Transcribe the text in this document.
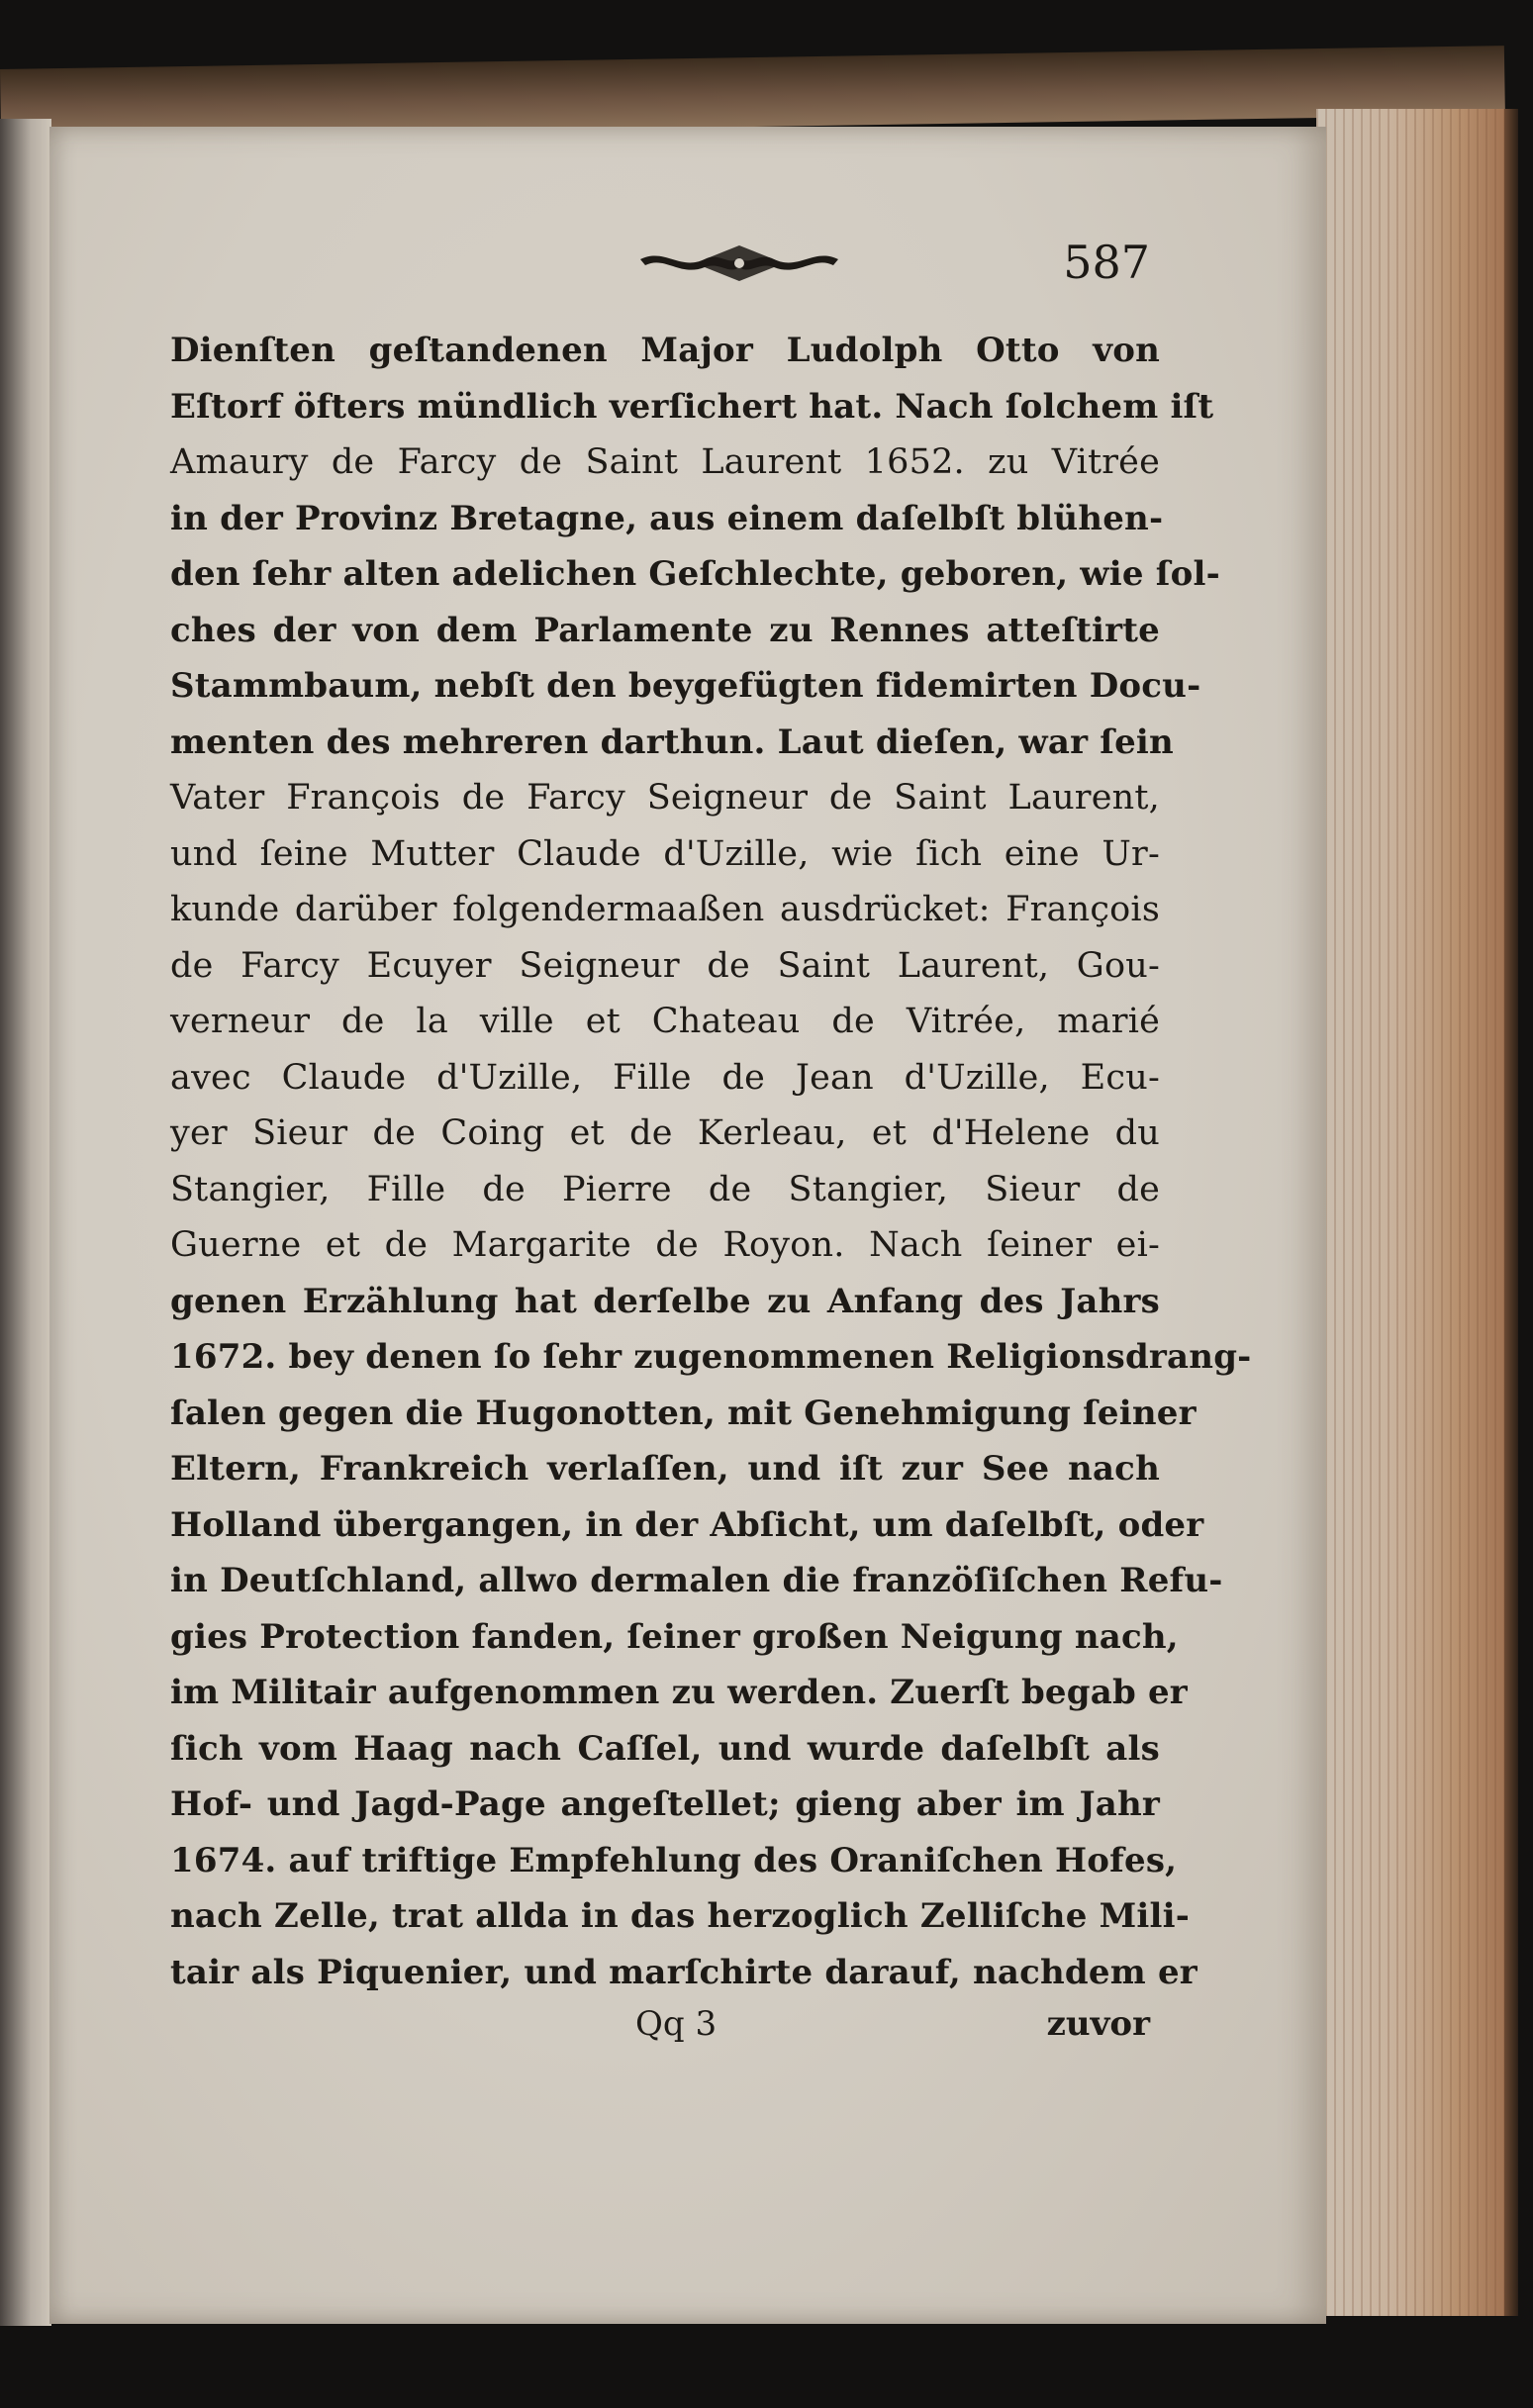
587
Dienſten geſtandenen Major Ludolph Otto von
Eſtorf öfters mündlich verſichert hat. Nach ſolchem iſt
Amaury de Farcy de Saint Laurent 1652. zu Vitrée
in der Provinz Bretagne, aus einem daſelbſt blühen-
den ſehr alten adelichen Geſchlechte, geboren, wie ſol-
ches der von dem Parlamente zu Rennes atteſtirte
Stammbaum, nebſt den beygefügten fidemirten Docu-
menten des mehreren darthun. Laut dieſen, war ſein
Vater François de Farcy Seigneur de Saint Laurent,
und ſeine Mutter Claude d'Uzille, wie ſich eine Ur-
kunde darüber folgendermaaßen ausdrücket: François
de Farcy Ecuyer Seigneur de Saint Laurent, Gou-
verneur de la ville et Chateau de Vitrée, marié
avec Claude d'Uzille, Fille de Jean d'Uzille, Ecu-
yer Sieur de Coing et de Kerleau, et d'Helene du
Stangier, Fille de Pierre de Stangier, Sieur de
Guerne et de Margarite de Royon. Nach ſeiner ei-
genen Erzählung hat derſelbe zu Anfang des Jahrs
1672. bey denen ſo ſehr zugenommenen Religionsdrang-
ſalen gegen die Hugonotten, mit Genehmigung ſeiner
Eltern, Frankreich verlaſſen, und iſt zur See nach
Holland übergangen, in der Abſicht, um daſelbſt, oder
in Deutſchland, allwo dermalen die franzöſiſchen Refu-
gies Protection fanden, ſeiner großen Neigung nach,
im Militair aufgenommen zu werden. Zuerſt begab er
ſich vom Haag nach Caſſel, und wurde daſelbſt als
Hof- und Jagd-Page angeſtellet; gieng aber im Jahr
1674. auf triftige Empfehlung des Oraniſchen Hofes,
nach Zelle, trat allda in das herzoglich Zelliſche Mili-
tair als Piquenier, und marſchirte darauf, nachdem er
Qq 3	zuvor
